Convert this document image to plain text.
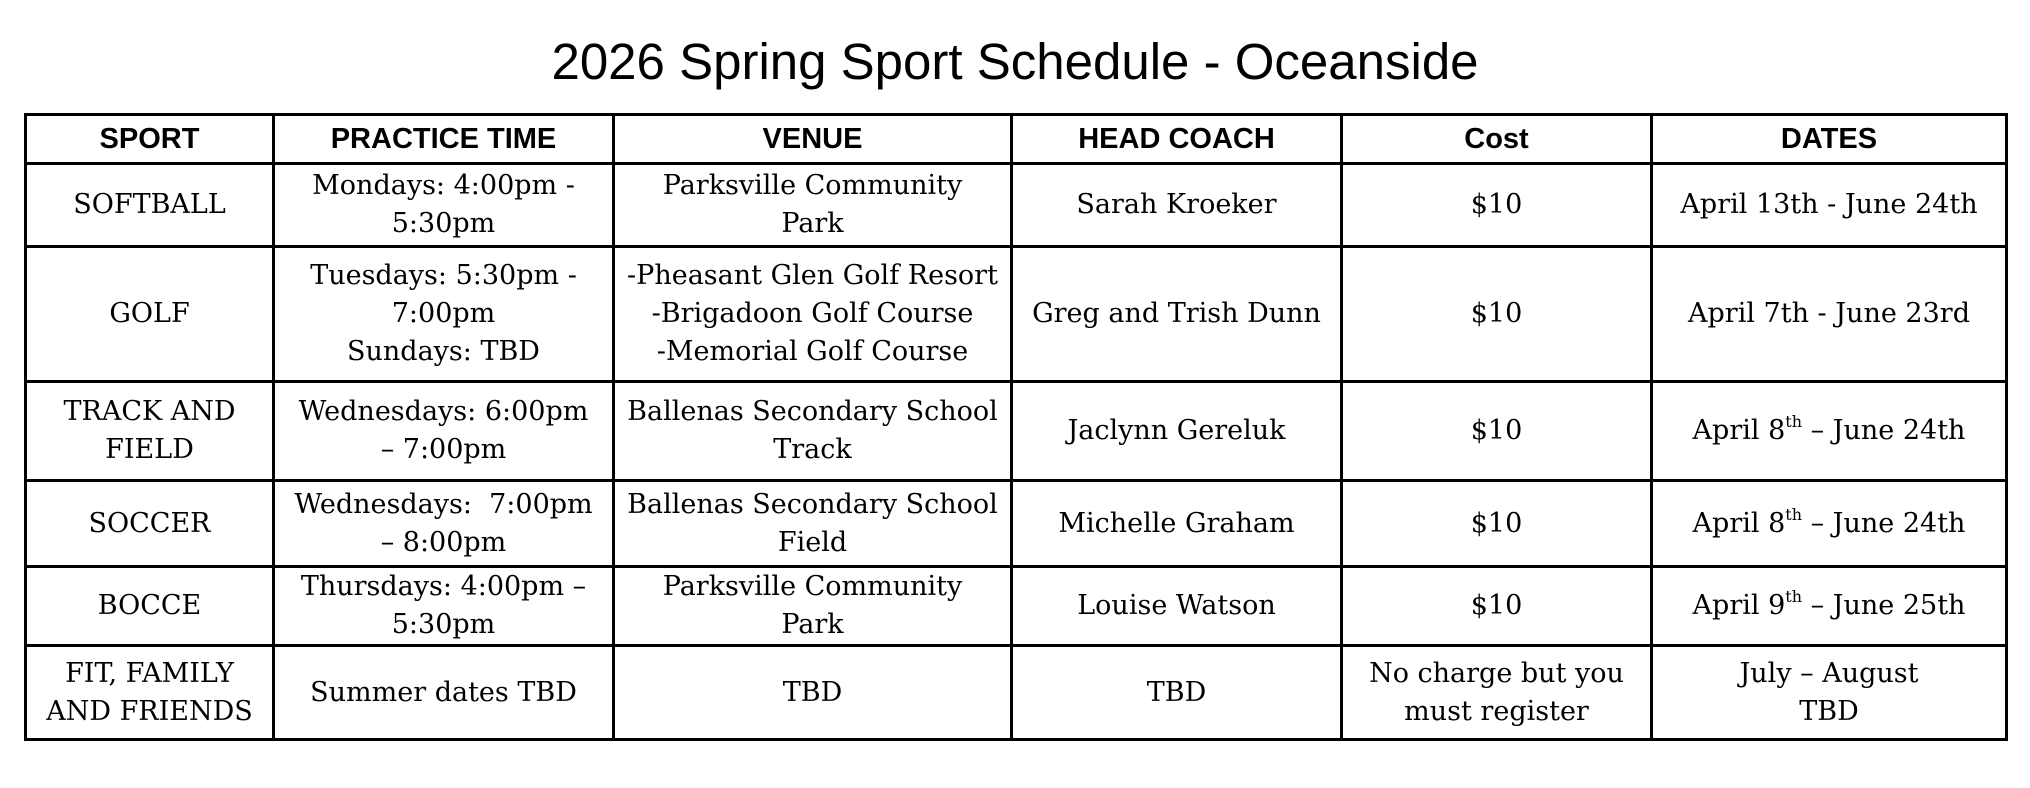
2026 Spring Sport Schedule - Oceanside
SPORT	PRACTICE TIME	VENUE	HEAD COACH	Cost	DATES

SOFTBALL	Mondays: 4:00pm -
5:30pm	Parksville Community
Park	Sarah Kroeker	$10	April 13th - June 24th

GOLF	Tuesdays: 5:30pm -
7:00pm
Sundays: TBD	-Pheasant Glen Golf Resort
-Brigadoon Golf Course
-Memorial Golf Course	Greg and Trish Dunn	$10	April 7th - June 23rd

TRACK AND
FIELD	Wednesdays: 6:00pm
– 7:00pm	Ballenas Secondary School
Track	Jaclynn Gereluk	$10	April 8th – June 24th

SOCCER	Wednesdays:  7:00pm
– 8:00pm	Ballenas Secondary School
Field	Michelle Graham	$10	April 8th – June 24th

BOCCE	Thursdays: 4:00pm –
5:30pm	Parksville Community
Park	Louise Watson	$10	April 9th – June 25th

FIT, FAMILY
AND FRIENDS	Summer dates TBD	TBD	TBD	No charge but you
must register	July – August
TBD
